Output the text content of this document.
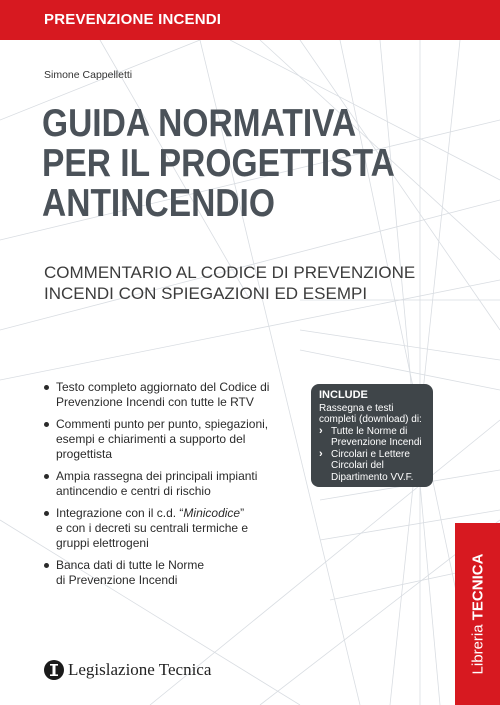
PREVENZIONE INCENDI
Simone Cappelletti
GUIDA NORMATIVA
PER IL PROGETTISTA
ANTINCENDIO
COMMENTARIO AL CODICE DI PREVENZIONE
INCENDI CON SPIEGAZIONI ED ESEMPI
Testo completo aggiornato del Codice di
Prevenzione Incendi con tutte le RTV
Commenti punto per punto, spiegazioni,
esempi e chiarimenti a supporto del
progettista
Ampia rassegna dei principali impianti
antincendio e centri di rischio
Integrazione con il c.d. “Minicodice”
e con i decreti su centrali termiche e
gruppi elettrogeni
Banca dati di tutte le Norme
di Prevenzione Incendi
INCLUDE
Rassegna e testi
completi (download) di:
› Tutte le Norme di
Prevenzione Incendi
› Circolari e Lettere
Circolari del
Dipartimento VV.F.
Libreria TECNICA
Legislazione Tecnica
